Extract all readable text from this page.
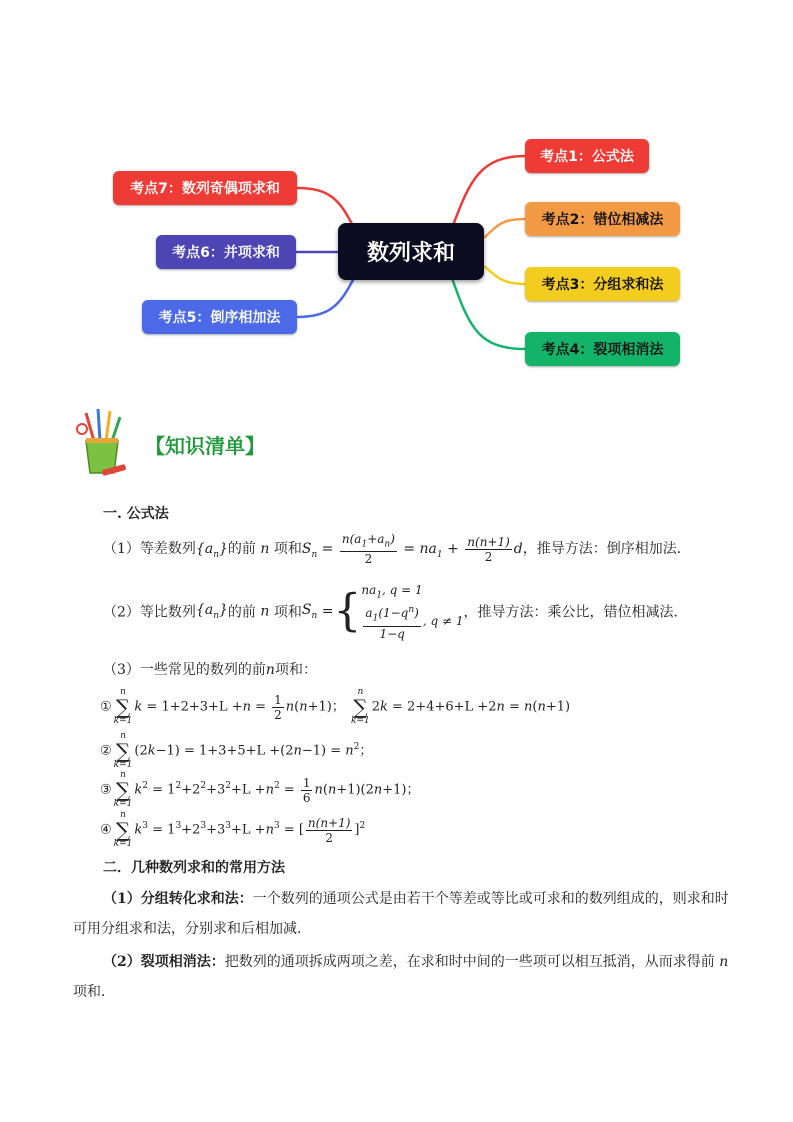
数列求和
考点1：公式法
考点2：错位相减法
考点3：分组求和法
考点4：裂项相消法
考点7：数列奇偶项求和
考点6：并项求和
考点5：倒序相加法
【知识清单】
一. 公式法
（1）等差数列$\{a_n\}$的前 n 项和$S_n = \frac{n(a_1+a_n)}{2} = na_1 + \frac{n(n+1)}{2}$ d，推导方法：倒序相加法．
（2）等比数列$\{a_n\}$的前 n 项和$S_n$ ={ $na_1$, q = 1
$\frac{a_1(1-q^n)}{1-q}$ , q ≠ 1
，推导方法：乘公比，错位相减法．
（3）一些常见的数列的前n项和：
①
n
∑
k=1
$k = 1+2+3+L +n = \frac{1}{2} n(n+1)$；
n
∑
k=1
2k = 2+4+6+L +2n = n(n+1)
②
n
∑
k=1
$(2k-1) = 1+3+5+L +(2n-1) = n^2$；
③
n
∑
k=1
$k^2 = 1^2+2^2+3^2+L +n^2 = \frac{1}{6} n(n+1)(2n+1)$；
④
n
∑
k=1
$k^3 = 1^3+2^3+3^3+L +n^3$ = [ $\frac{n(n+1)}{2} ]^2$
二．几种数列求和的常用方法
（1）分组转化求和法：一个数列的通项公式是由若干个等差或等比或可求和的数列组成的，则求和时
可用分组求和法，分别求和后相加减．
（2）裂项相消法：把数列的通项拆成两项之差，在求和时中间的一些项可以相互抵消，从而求得前 n
项和．
